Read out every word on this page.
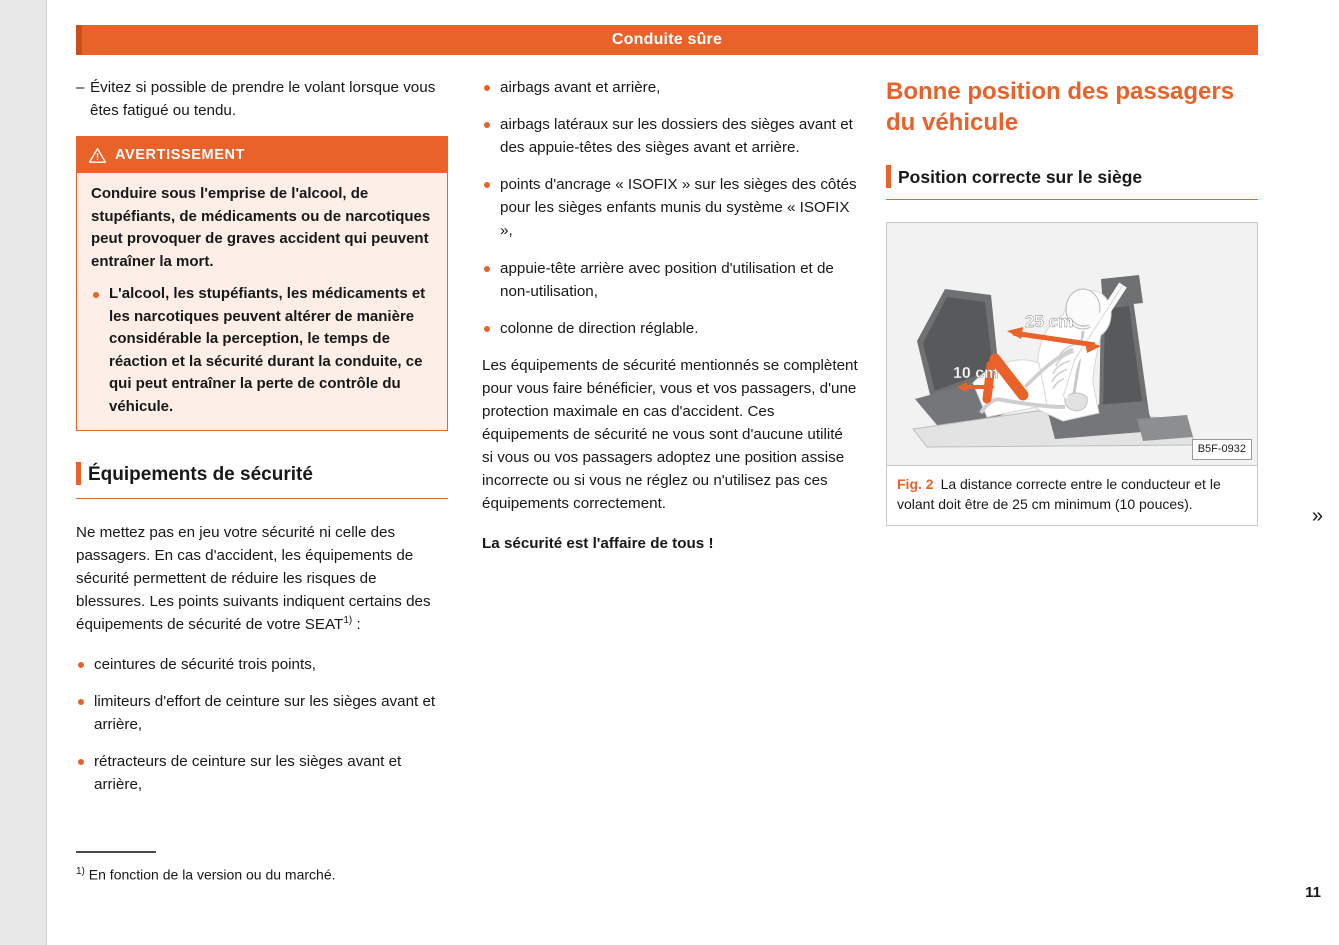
Conduite sûre
– Évitez si possible de prendre le volant lorsque vous êtes fatigué ou tendu.
AVERTISSEMENT

Conduire sous l'emprise de l'alcool, de stupéfiants, de médicaments ou de narcotiques peut provoquer de graves accident qui peuvent entraîner la mort.

L'alcool, les stupéfiants, les médicaments et les narcotiques peuvent altérer de manière considérable la perception, le temps de réaction et la sécurité durant la conduite, ce qui peut entraîner la perte de contrôle du véhicule.
Équipements de sécurité
Ne mettez pas en jeu votre sécurité ni celle des passagers. En cas d'accident, les équipements de sécurité permettent de réduire les risques de blessures. Les points suivants indiquent certains des équipements de sécurité de votre SEAT$^{1)}$ :
ceintures de sécurité trois points,
limiteurs d'effort de ceinture sur les sièges avant et arrière,
rétracteurs de ceinture sur les sièges avant et arrière,
airbags avant et arrière,
airbags latéraux sur les dossiers des sièges avant et des appuie-têtes des sièges avant et arrière.
points d'ancrage « ISOFIX » sur les sièges des côtés pour les sièges enfants munis du système « ISOFIX »,
appuie-tête arrière avec position d'utilisation et de non-utilisation,
colonne de direction réglable.
Les équipements de sécurité mentionnés se complètent pour vous faire bénéficier, vous et vos passagers, d'une protection maximale en cas d'accident. Ces équipements de sécurité ne vous sont d'aucune utilité si vous ou vos passagers adoptez une position assise incorrecte ou si vous ne réglez ou n'utilisez pas ces équipements correctement.
La sécurité est l'affaire de tous !
Bonne position des passagers du véhicule
Position correcte sur le siège
25 cm
10 cm
B5F-0932
Fig. 2 La distance correcte entre le conducteur et le volant doit être de 25 cm minimum (10 pouces).
$^{1)}$ En fonction de la version ou du marché.
»
11
